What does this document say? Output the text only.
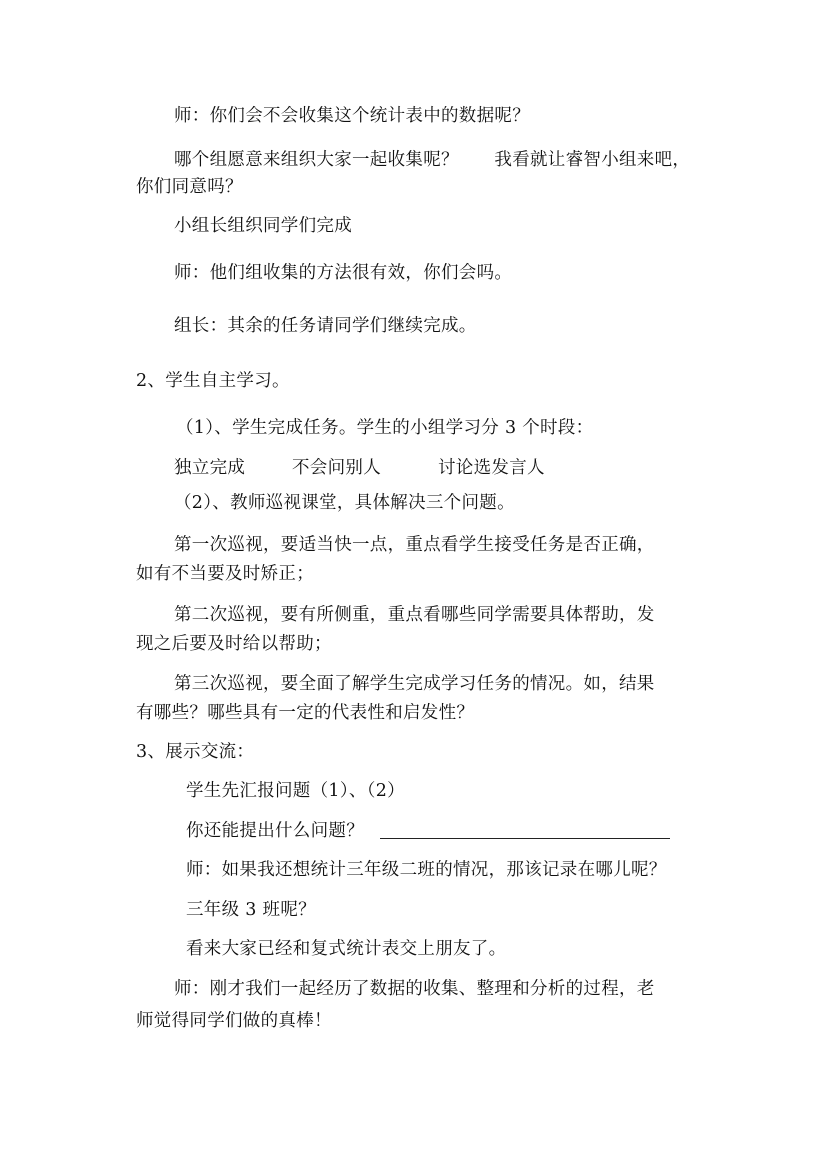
师：你们会不会收集这个统计表中的数据呢？
哪个组愿意来组织大家一起收集呢？　　我看就让睿智小组来吧，
你们同意吗？
小组长组织同学们完成
师：他们组收集的方法很有效，你们会吗。
组长：其余的任务请同学们继续完成。
2、学生自主学习。
（1）、学生完成任务。学生的小组学习分 3 个时段：
独立完成	不会问别人	讨论选发言人
（2）、教师巡视课堂，具体解决三个问题。
第一次巡视，要适当快一点，重点看学生接受任务是否正确，
如有不当要及时矫正；
第二次巡视，要有所侧重，重点看哪些同学需要具体帮助，发
现之后要及时给以帮助；
第三次巡视，要全面了解学生完成学习任务的情况。如，结果
有哪些？哪些具有一定的代表性和启发性？
3、展示交流：
学生先汇报问题（1）、（2）
你还能提出什么问题？
师：如果我还想统计三年级二班的情况，那该记录在哪儿呢？
三年级 3 班呢？
看来大家已经和复式统计表交上朋友了。
师：刚才我们一起经历了数据的收集、整理和分析的过程，老
师觉得同学们做的真棒！
